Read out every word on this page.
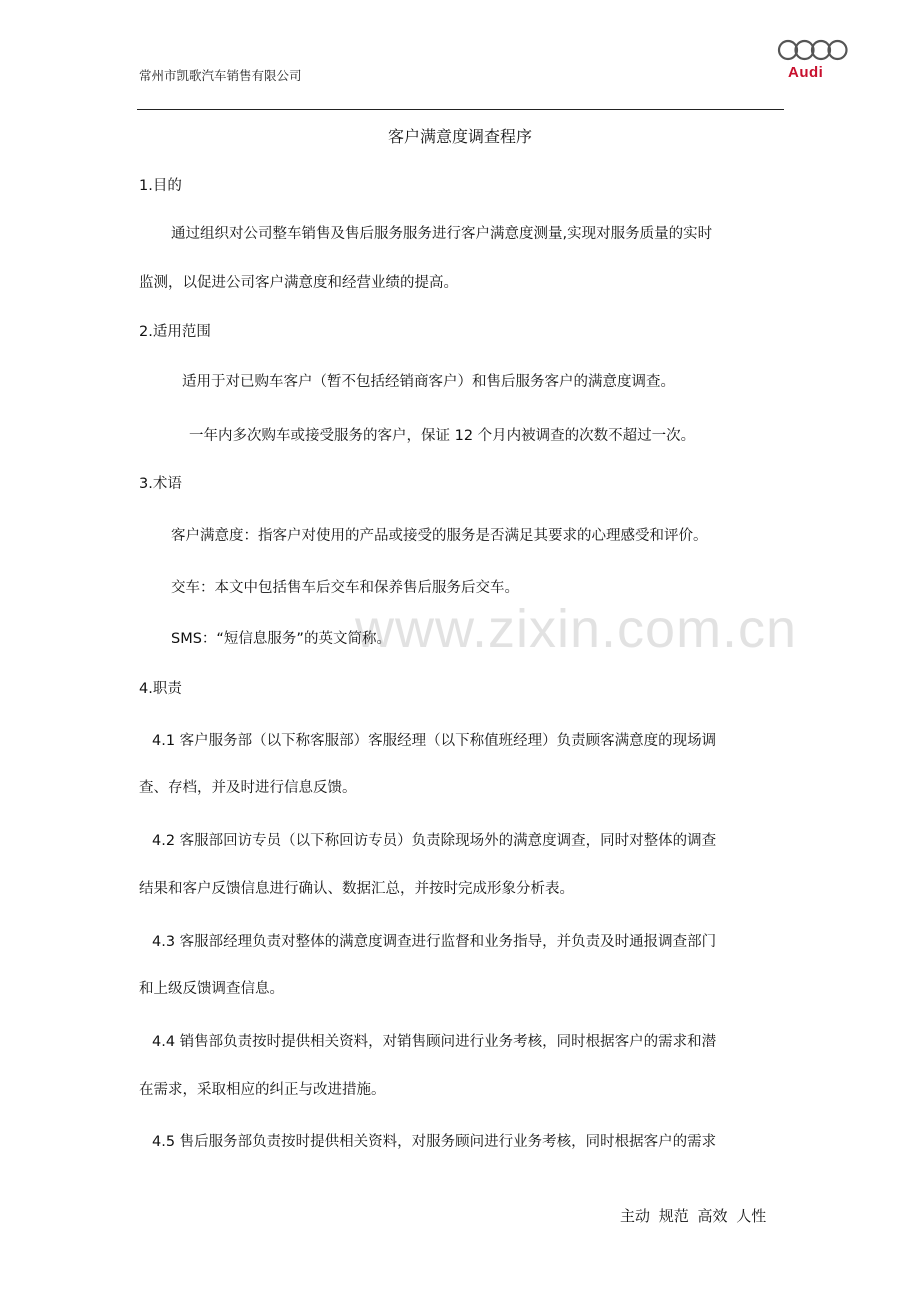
常州市凯歌汽车销售有限公司	Audi
客户满意度调查程序
www.zixin.com.cn
1.目的
通过组织对公司整车销售及售后服务服务进行客户满意度测量,实现对服务质量的实时
监测，以促进公司客户满意度和经营业绩的提高。
2.适用范围
适用于对已购车客户（暂不包括经销商客户）和售后服务客户的满意度调查。
一年内多次购车或接受服务的客户，保证 12 个月内被调查的次数不超过一次。
3.术语
客户满意度：指客户对使用的产品或接受的服务是否满足其要求的心理感受和评价。
交车：本文中包括售车后交车和保养售后服务后交车。
SMS：“短信息服务”的英文简称。
4.职责
4.1 客户服务部（以下称客服部）客服经理（以下称值班经理）负责顾客满意度的现场调
查、存档，并及时进行信息反馈。
4.2 客服部回访专员（以下称回访专员）负责除现场外的满意度调查，同时对整体的调查
结果和客户反馈信息进行确认、数据汇总，并按时完成形象分析表。
4.3 客服部经理负责对整体的满意度调查进行监督和业务指导，并负责及时通报调查部门
和上级反馈调查信息。
4.4 销售部负责按时提供相关资料，对销售顾问进行业务考核，同时根据客户的需求和潜
在需求，采取相应的纠正与改进措施。
4.5 售后服务部负责按时提供相关资料，对服务顾问进行业务考核，同时根据客户的需求
主动 规范 高效 人性
